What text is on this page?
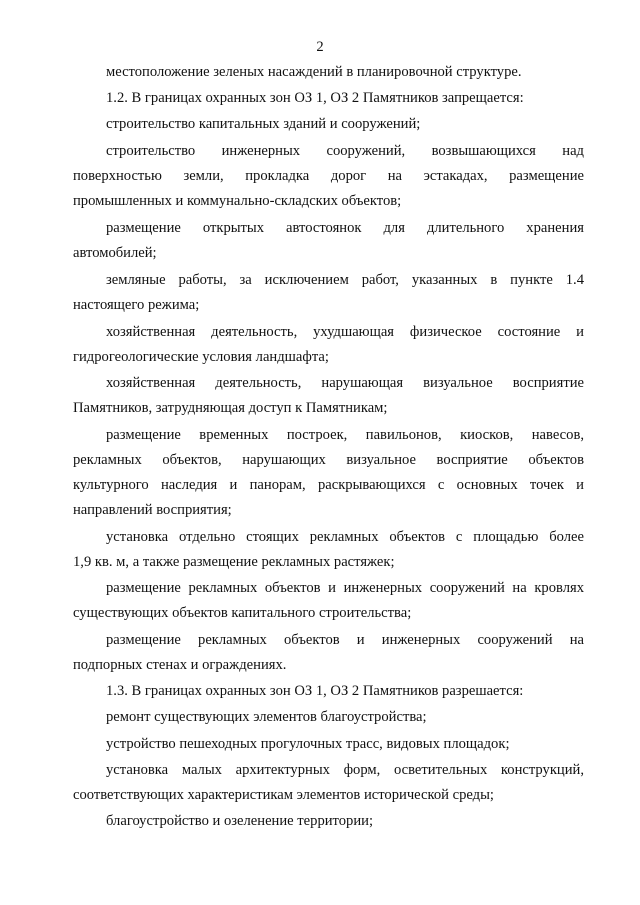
2
местоположение зеленых насаждений в планировочной структуре.
1.2. В границах охранных зон ОЗ 1, ОЗ 2 Памятников запрещается:
строительство капитальных зданий и сооружений;
строительство инженерных сооружений, возвышающихся над
поверхностью земли, прокладка дорог на эстакадах, размещение
промышленных и коммунально-складских объектов;
размещение открытых автостоянок для длительного хранения
автомобилей;
земляные работы, за исключением работ, указанных в пункте 1.4
настоящего режима;
хозяйственная деятельность, ухудшающая физическое состояние и
гидрогеологические условия ландшафта;
хозяйственная деятельность, нарушающая визуальное восприятие
Памятников, затрудняющая доступ к Памятникам;
размещение временных построек, павильонов, киосков, навесов,
рекламных объектов, нарушающих визуальное восприятие объектов
культурного наследия и панорам, раскрывающихся с основных точек и
направлений восприятия;
установка отдельно стоящих рекламных объектов с площадью более
1,9 кв. м, а также размещение рекламных растяжек;
размещение рекламных объектов и инженерных сооружений на кровлях
существующих объектов капитального строительства;
размещение рекламных объектов и инженерных сооружений на
подпорных стенах и ограждениях.
1.3. В границах охранных зон ОЗ 1, ОЗ 2 Памятников разрешается:
ремонт существующих элементов благоустройства;
устройство пешеходных прогулочных трасс, видовых площадок;
установка малых архитектурных форм, осветительных конструкций,
соответствующих характеристикам элементов исторической среды;
благоустройство и озеленение территории;
